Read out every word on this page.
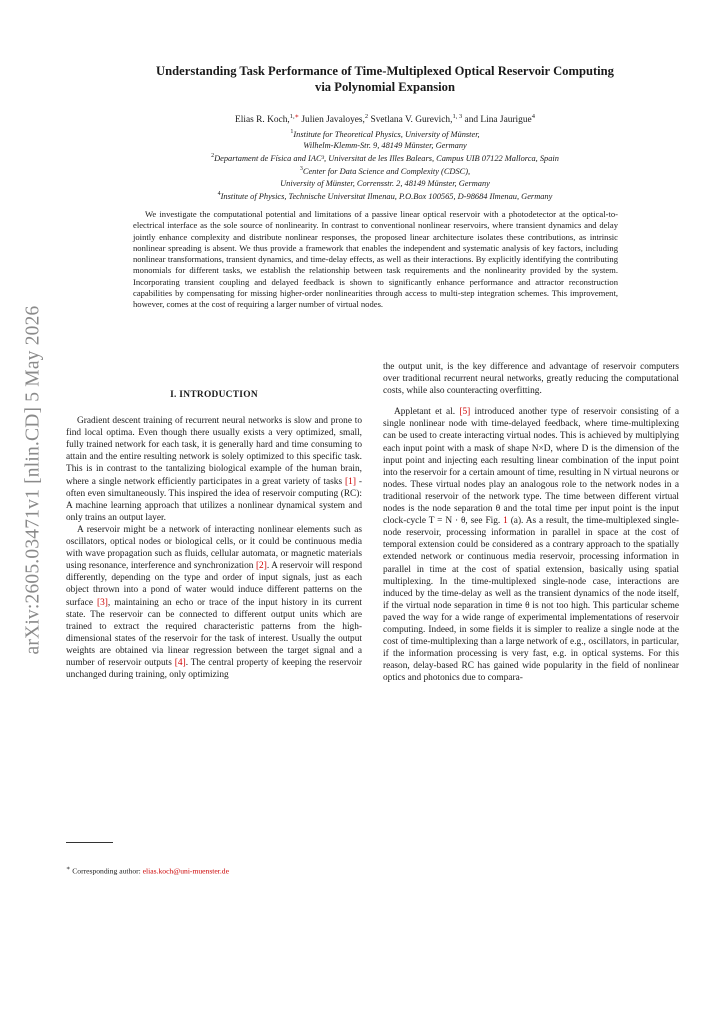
arXiv:2605.03471v1 [nlin.CD] 5 May 2026
Understanding Task Performance of Time-Multiplexed Optical Reservoir Computing
via Polynomial Expansion
Elias R. Koch,$^{1,∗}$ Julien Javaloyes,$^2$ Svetlana V. Gurevich,$^{1, 3}$ and Lina Jaurigue$^4$
$^1$Institute for Theoretical Physics, University of Münster,
Wilhelm-Klemm-Str. 9, 48149 Münster, Germany
$^2$Departament de Física and IAC³, Universitat de les Illes Balears, Campus UIB 07122 Mallorca, Spain
$^3$Center for Data Science and Complexity (CDSC),
University of Münster, Corrensstr. 2, 48149 Münster, Germany
$^4$Institute of Physics, Technische Universitat Ilmenau, P.O.Box 100565, D-98684 Ilmenau, Germany
We investigate the computational potential and limitations of a passive linear optical reservoir with a photodetector at the optical-to-electrical interface as the sole source of nonlinearity. In contrast to conventional nonlinear reservoirs, where transient dynamics and delay jointly enhance complexity and distribute nonlinear responses, the proposed linear architecture isolates these contributions, as intrinsic nonlinear spreading is absent. We thus provide a framework that enables the independent and systematic analysis of key factors, including nonlinear transformations, transient dynamics, and time-delay effects, as well as their interactions. By explicitly identifying the contributing monomials for different tasks, we establish the relationship between task requirements and the nonlinearity provided by the system. Incorporating transient coupling and delayed feedback is shown to significantly enhance performance and attractor reconstruction capabilities by compensating for missing higher-order nonlinearities through access to multi-step integration schemes. This improvement, however, comes at the cost of requiring a larger number of virtual nodes.
I. INTRODUCTION

Gradient descent training of recurrent neural networks is slow and prone to find local optima. Even though there usually exists a very optimized, small, fully trained network for each task, it is generally hard and time consuming to attain and the entire resulting network is solely optimized to this specific task. This is in contrast to the tantalizing biological example of the human brain, where a single network efficiently participates in a great variety of tasks [1] - often even simultaneously. This inspired the idea of reservoir computing (RC): A machine learning approach that utilizes a nonlinear dynamical system and only trains an output layer.

A reservoir might be a network of interacting nonlinear elements such as oscillators, optical nodes or biological cells, or it could be continuous media with wave propagation such as fluids, cellular automata, or magnetic materials using resonance, interference and synchronization [2]. A reservoir will respond differently, depending on the type and order of input signals, just as each object thrown into a pond of water would induce different patterns on the surface [3], maintaining an echo or trace of the input history in its current state. The reservoir can be connected to different output units which are trained to extract the required characteristic patterns from the high-dimensional states of the reservoir for the task of interest. Usually the output weights are obtained via linear regression between the target signal and a number of reservoir outputs [4]. The central property of keeping the reservoir unchanged during training, only optimizing

the output unit, is the key difference and advantage of reservoir computers over traditional recurrent neural networks, greatly reducing the computational costs, while also counteracting overfitting.

Appletant et al. [5] introduced another type of reservoir consisting of a single nonlinear node with time-delayed feedback, where time-multiplexing can be used to create interacting virtual nodes. This is achieved by multiplying each input point with a mask of shape N×D, where D is the dimension of the input point and injecting each resulting linear combination of the input point into the reservoir for a certain amount of time, resulting in N virtual neurons or nodes. These virtual nodes play an analogous role to the network nodes in a traditional reservoir of the network type. The time between different virtual nodes is the node separation θ and the total time per input point is the input clock-cycle T = N · θ, see Fig. 1 (a). As a result, the time-multiplexed single-node reservoir, processing information in parallel in space at the cost of temporal extension could be considered as a contrary approach to the spatially extended network or continuous media reservoir, processing information in parallel in time at the cost of spatial extension, basically using spatial multiplexing. In the time-multiplexed single-node case, interactions are induced by the time-delay as well as the transient dynamics of the node itself, if the virtual node separation in time θ is not too high. This particular scheme paved the way for a wide range of experimental implementations of reservoir computing. Indeed, in some fields it is simpler to realize a single node at the cost of time-multiplexing than a large network of e.g., oscillators, in particular, if the information processing is very fast, e.g. in optical systems. For this reason, delay-based RC has gained wide popularity in the field of nonlinear optics and photonics due to compara-

∗ Corresponding author: elias.koch@uni-muenster.de
